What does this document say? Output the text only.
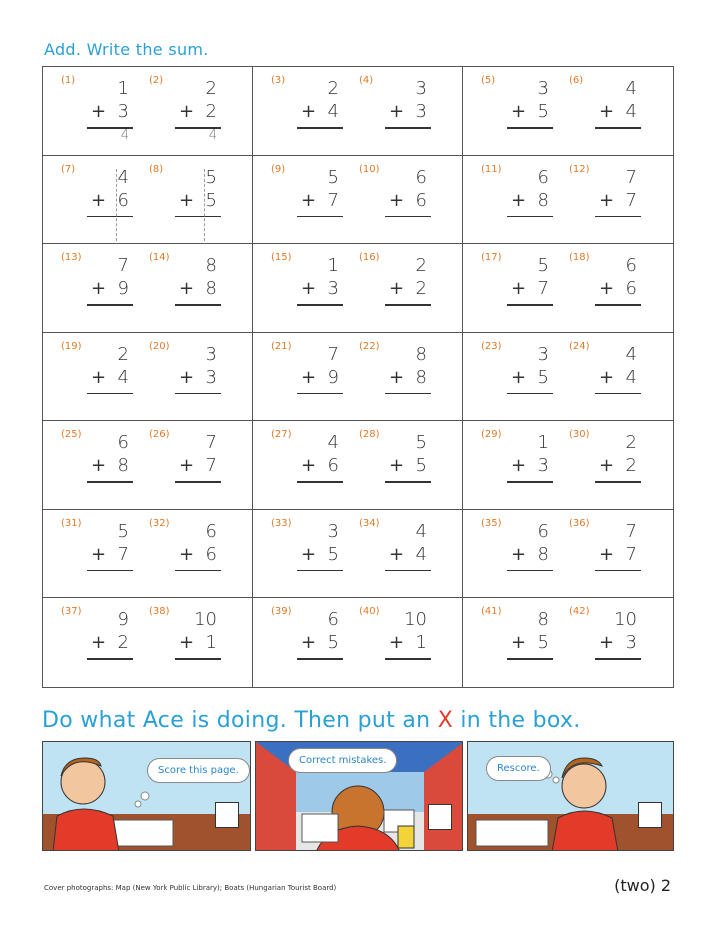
Add. Write the sum.
(1) 1
+ 3
4
(2) 2
+ 2
4
(3) 2
+ 4
(4) 3
+ 3
(5) 3
+ 5
(6) 4
+ 4
(7) 4
+ 6
(8) 5
+ 5
(9) 5
+ 7
(10) 6
+ 6
(11) 6
+ 8
(12) 7
+ 7
(13) 7
+ 9
(14) 8
+ 8
(15) 1
+ 3
(16) 2
+ 2
(17) 5
+ 7
(18) 6
+ 6
(19) 2
+ 4
(20) 3
+ 3
(21) 7
+ 9
(22) 8
+ 8
(23) 3
+ 5
(24) 4
+ 4
(25) 6
+ 8
(26) 7
+ 7
(27) 4
+ 6
(28) 5
+ 5
(29) 1
+ 3
(30) 2
+ 2
(31) 5
+ 7
(32) 6
+ 6
(33) 3
+ 5
(34) 4
+ 4
(35) 6
+ 8
(36) 7
+ 7
(37) 9
+ 2
(38) 10
+ 1
(39) 6
+ 5
(40) 10
+ 1
(41) 8
+ 5
(42) 10
+ 3
Do what Ace is doing. Then put an X in the box.
Score this page.
Correct mistakes.
Rescore.
Cover photographs: Map (New York Public Library); Boats (Hungarian Tourist Board)	(two) 2
